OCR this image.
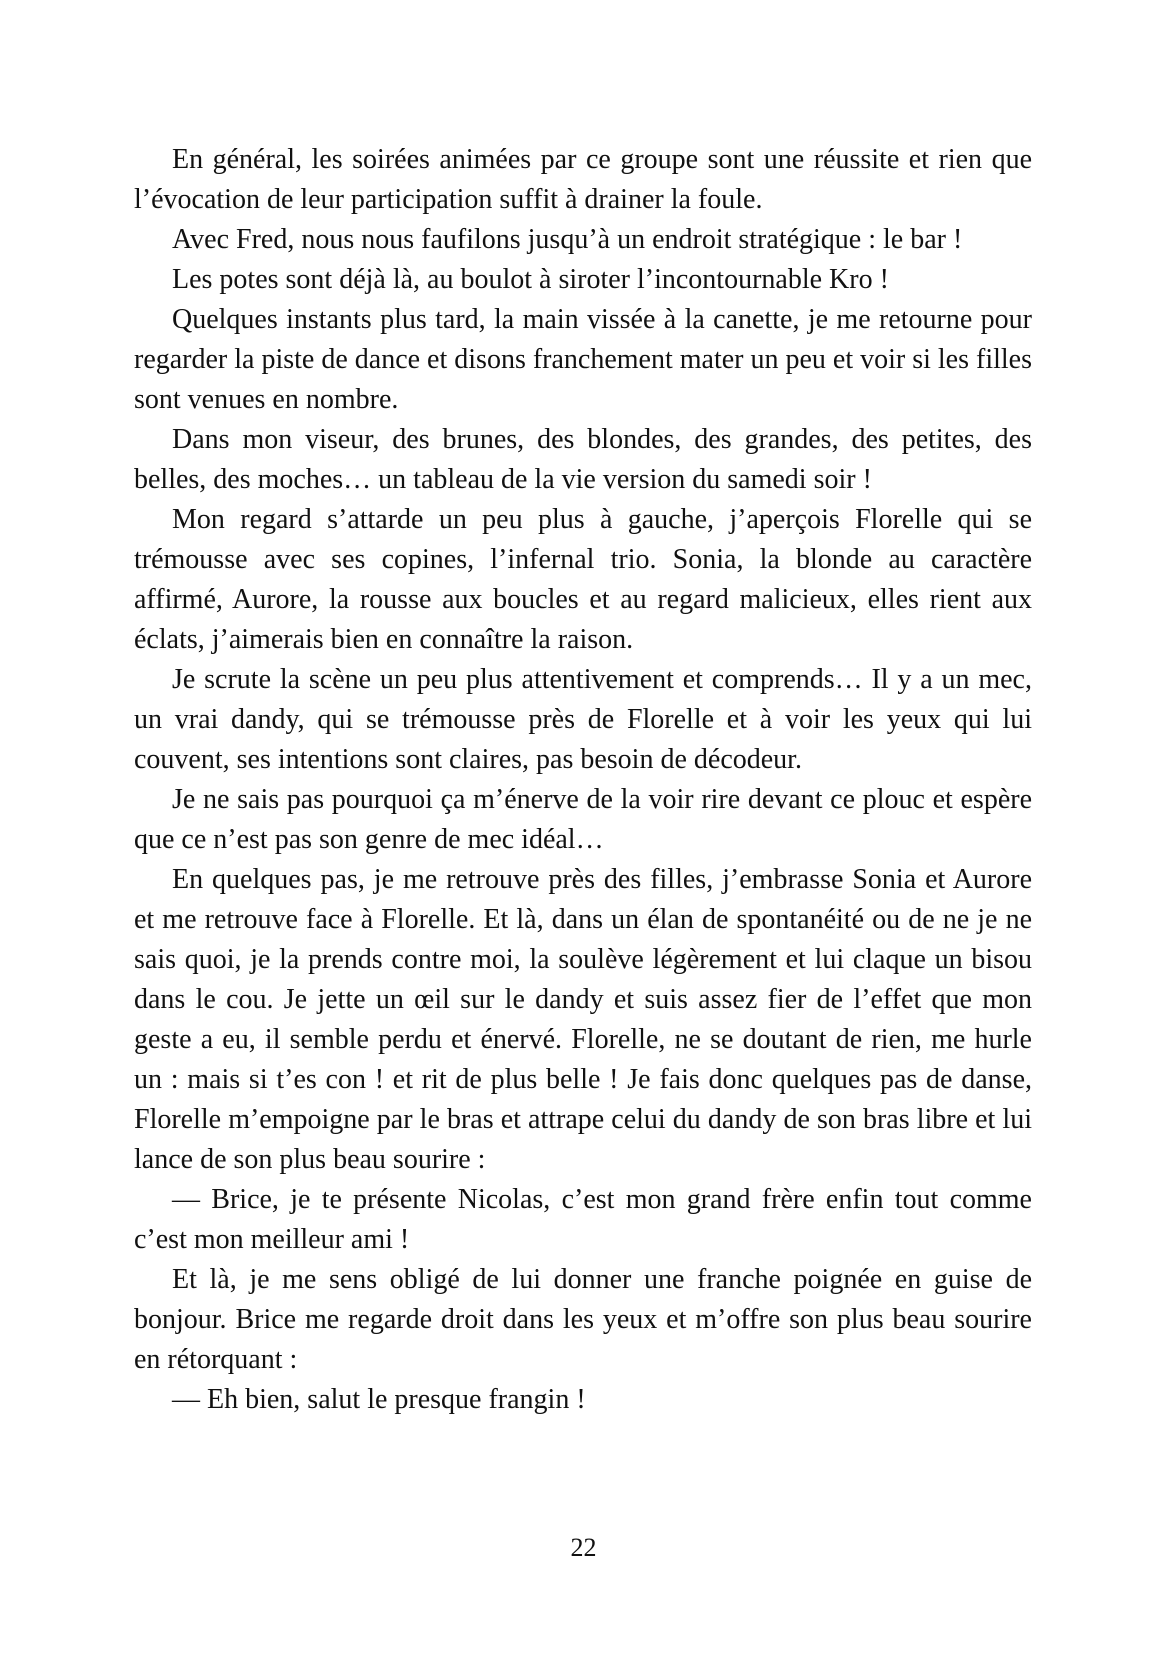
En général, les soirées animées par ce groupe sont une réussite et rien que l’évocation de leur participation suffit à drainer la foule.

Avec Fred, nous nous faufilons jusqu’à un endroit stratégique : le bar !

Les potes sont déjà là, au boulot à siroter l’incontournable Kro !

Quelques instants plus tard, la main vissée à la canette, je me retourne pour regarder la piste de dance et disons franchement mater un peu et voir si les filles sont venues en nombre.

Dans mon viseur, des brunes, des blondes, des grandes, des petites, des belles, des moches… un tableau de la vie version du samedi soir !

Mon regard s’attarde un peu plus à gauche, j’aperçois Florelle qui se trémousse avec ses copines, l’infernal trio. Sonia, la blonde au caractère affirmé, Aurore, la rousse aux boucles et au regard malicieux, elles rient aux éclats, j’aimerais bien en connaître la raison.

Je scrute la scène un peu plus attentivement et comprends… Il y a un mec, un vrai dandy, qui se trémousse près de Florelle et à voir les yeux qui lui couvent, ses intentions sont claires, pas besoin de décodeur.

Je ne sais pas pourquoi ça m’énerve de la voir rire devant ce plouc et espère que ce n’est pas son genre de mec idéal…

En quelques pas, je me retrouve près des filles, j’embrasse Sonia et Aurore et me retrouve face à Florelle. Et là, dans un élan de spontanéité ou de ne je ne sais quoi, je la prends contre moi, la soulève légèrement et lui claque un bisou dans le cou. Je jette un œil sur le dandy et suis assez fier de l’effet que mon geste a eu, il semble perdu et énervé. Florelle, ne se doutant de rien, me hurle un : mais si t’es con ! et rit de plus belle ! Je fais donc quelques pas de danse, Florelle m’empoigne par le bras et attrape celui du dandy de son bras libre et lui lance de son plus beau sourire :

— Brice, je te présente Nicolas, c’est mon grand frère enfin tout comme c’est mon meilleur ami !

Et là, je me sens obligé de lui donner une franche poignée en guise de bonjour. Brice me regarde droit dans les yeux et m’offre son plus beau sourire en rétorquant :

— Eh bien, salut le presque frangin !

22
